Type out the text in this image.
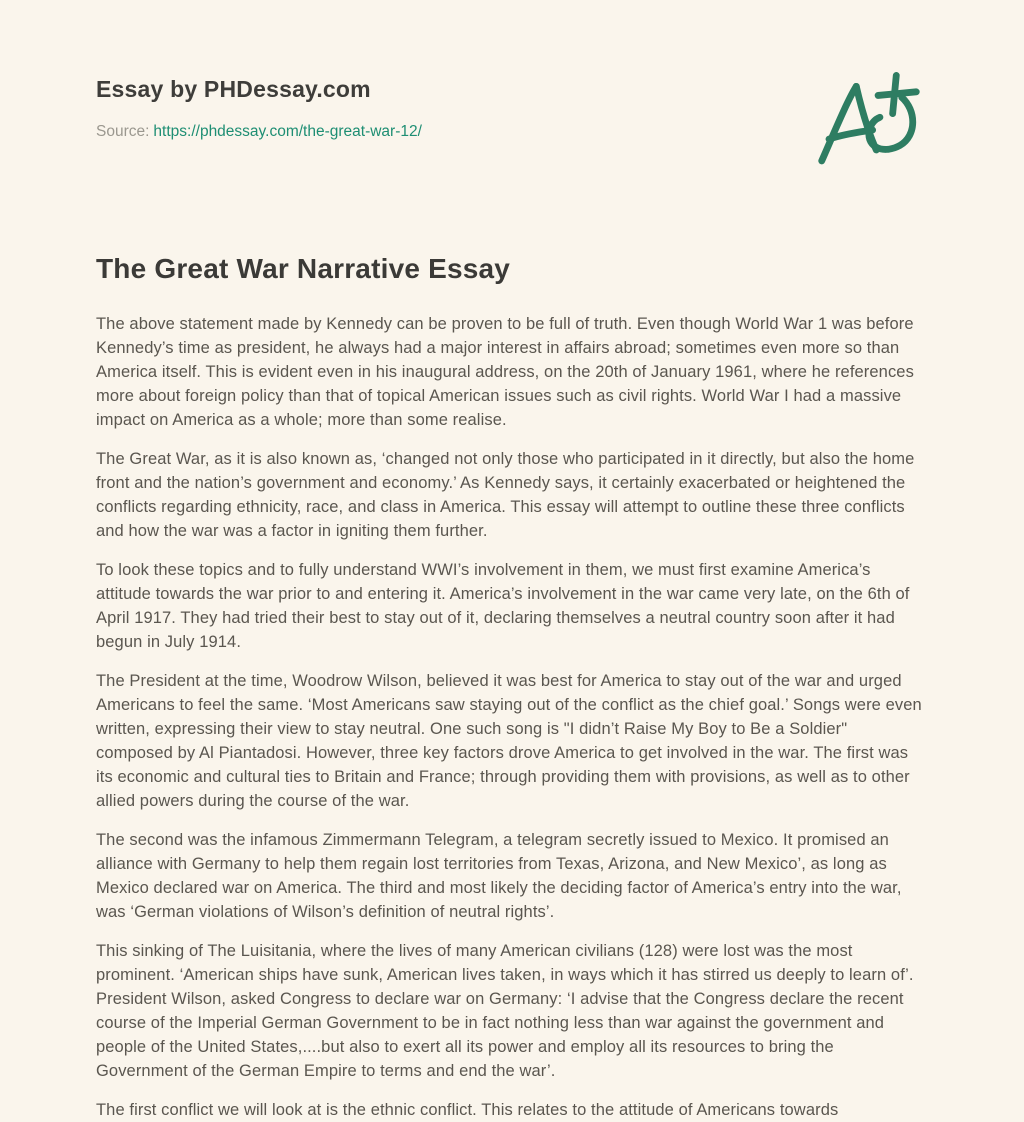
Essay by PHDessay.com
Source: https://phdessay.com/the-great-war-12/
The Great War Narrative Essay

The above statement made by Kennedy can be proven to be full of truth. Even though World War 1 was before Kennedy’s time as president, he always had a major interest in affairs abroad; sometimes even more so than America itself. This is evident even in his inaugural address, on the 20th of January 1961, where he references more about foreign policy than that of topical American issues such as civil rights. World War I had a massive impact on America as a whole; more than some realise.

The Great War, as it is also known as, ‘changed not only those who participated in it directly, but also the home front and the nation’s government and economy.’ As Kennedy says, it certainly exacerbated or heightened the conflicts regarding ethnicity, race, and class in America. This essay will attempt to outline these three conflicts and how the war was a factor in igniting them further.

To look these topics and to fully understand WWI’s involvement in them, we must first examine America’s attitude towards the war prior to and entering it. America’s involvement in the war came very late, on the 6th of April 1917. They had tried their best to stay out of it, declaring themselves a neutral country soon after it had begun in July 1914.

The President at the time, Woodrow Wilson, believed it was best for America to stay out of the war and urged Americans to feel the same. ‘Most Americans saw staying out of the conflict as the chief goal.’ Songs were even written, expressing their view to stay neutral. One such song is "I didn’t Raise My Boy to Be a Soldier" composed by Al Piantadosi. However, three key factors drove America to get involved in the war. The first was its economic and cultural ties to Britain and France; through providing them with provisions, as well as to other allied powers during the course of the war.

The second was the infamous Zimmermann Telegram, a telegram secretly issued to Mexico. It promised an alliance with Germany to help them regain lost territories from Texas, Arizona, and New Mexico’, as long as Mexico declared war on America. The third and most likely the deciding factor of America’s entry into the war, was ‘German violations of Wilson’s definition of neutral rights’.

This sinking of The Luisitania, where the lives of many American civilians (128) were lost was the most prominent. ‘American ships have sunk, American lives taken, in ways which it has stirred us deeply to learn of’. President Wilson, asked Congress to declare war on Germany: ‘I advise that the Congress declare the recent course of the Imperial German Government to be in fact nothing less than war against the government and people of the United States,....but also to exert all its power and employ all its resources to bring the Government of the German Empire to terms and end the war’.

The first conflict we will look at is the ethnic conflict. This relates to the attitude of Americans towards
